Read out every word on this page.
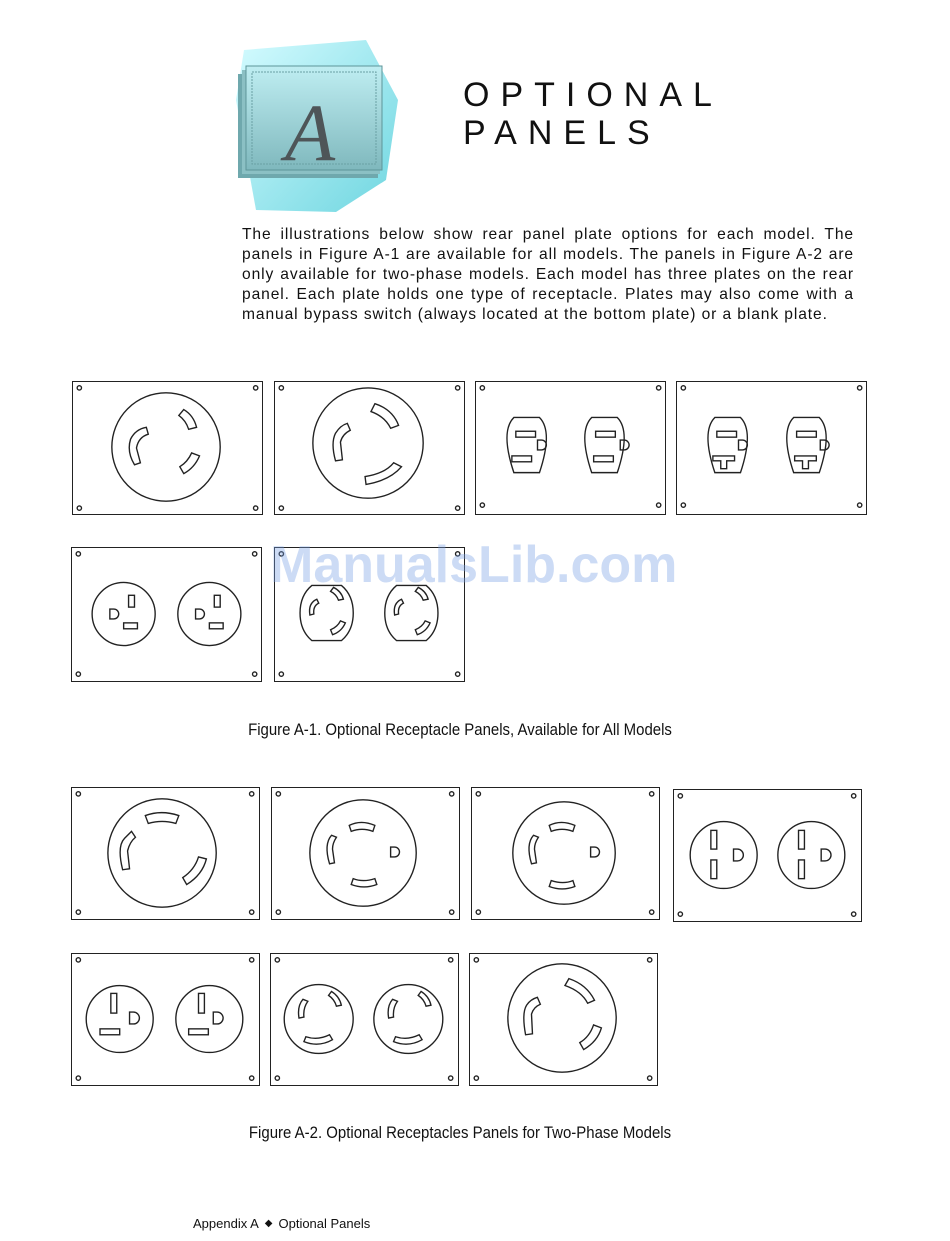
A	OPTIONAL
PANELS

The illustrations below show rear panel plate options for each model. The panels in Figure A-1 are available for all models. The panels in Figure A-2 are only available for two-phase models. Each model has three plates on the rear panel. Each plate holds one type of receptacle. Plates may also come with a manual bypass switch (always located at the bottom plate) or a blank plate.

ManualsLib.com
Figure A-1. Optional Receptacle Panels, Available for All Models
Figure A-2. Optional Receptacles Panels for Two-Phase Models
Appendix A ◆ Optional Panels
